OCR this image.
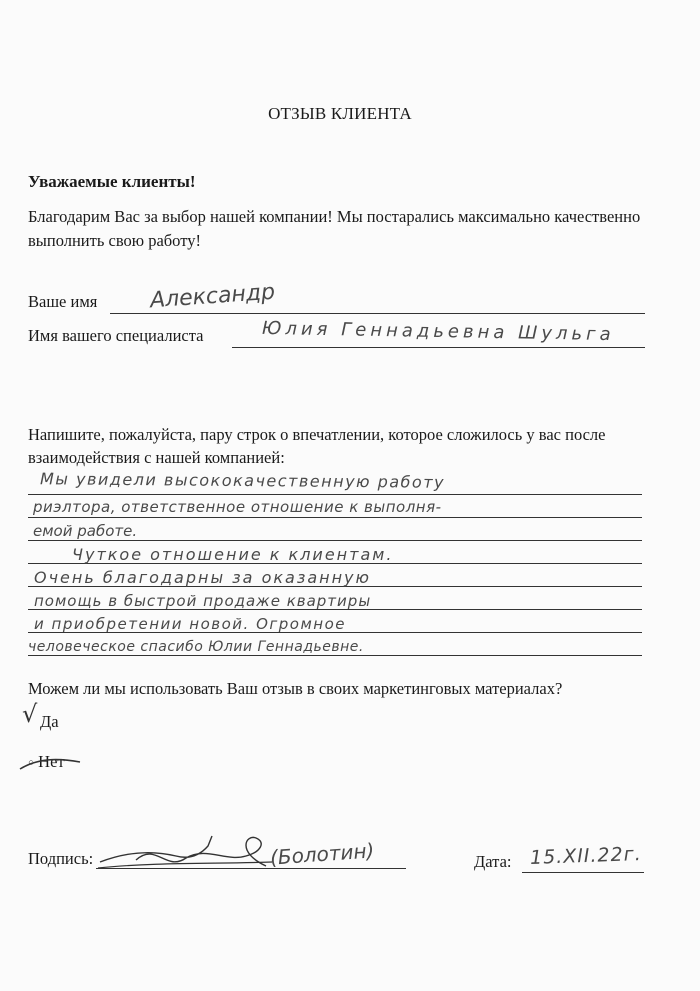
ОТЗЫВ КЛИЕНТА
Уважаемые клиенты!
Благодарим Вас за выбор нашей компании! Мы постарались максимально качественно выполнить свою работу!
Ваше имя Александр
Имя вашего специалиста	Юлия Геннадьевна Шульга
Напишите, пожалуйста, пару строк о впечатлении, которое сложилось у вас после взаимодействия с нашей компанией:
Мы увидели высококачественную работу
риэлтора, ответственное отношение к выполня-
емой работе.
Чуткое отношение к клиентам.
Очень благодарны за оказанную
помощь в быстрой продаже квартиры
и приобретении новой. Огромное
человеческое спасибо Юлии Геннадьевне.
Можем ли мы использовать Ваш отзыв в своих маркетинговых материалах?
√ Да
○ Нет
Подпись:	(Болотин)	Дата: 15.XII.22г.
